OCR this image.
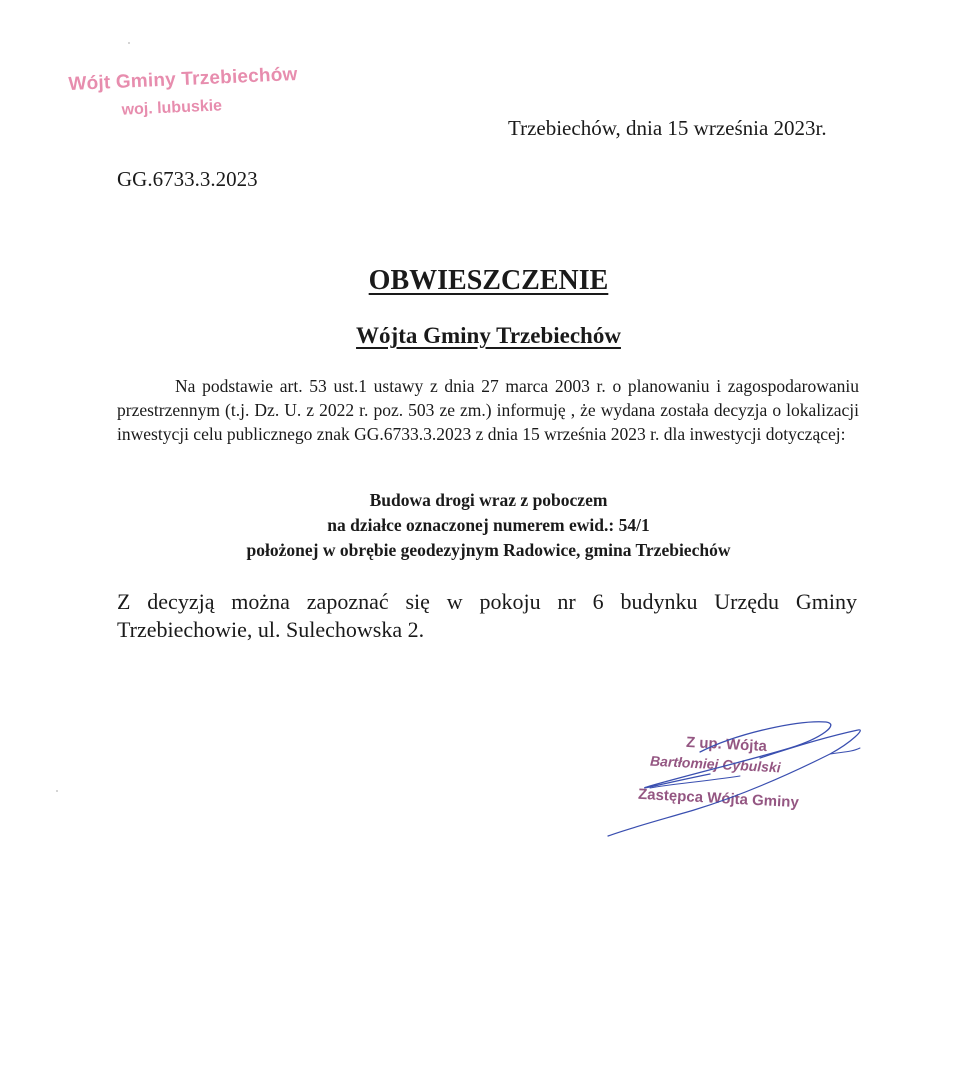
Wójt Gminy Trzebiechów
woj. lubuskie
Trzebiechów, dnia 15 września 2023r.
GG.6733.3.2023
OBWIESZCZENIE
Wójta Gminy Trzebiechów

Na podstawie art. 53 ust.1 ustawy z dnia 27 marca 2003 r. o planowaniu i zagospodarowaniu przestrzennym (t.j. Dz. U. z 2022 r. poz. 503 ze zm.) informuję , że wydana została decyzja o lokalizacji inwestycji celu publicznego znak GG.6733.3.2023 z dnia 15 września 2023 r. dla inwestycji dotyczącej:

Budowa drogi wraz z poboczem
na działce oznaczonej numerem ewid.: 54/1
położonej w obrębie geodezyjnym Radowice, gmina Trzebiechów

Z decyzją można zapoznać się w pokoju nr 6 budynku Urzędu Gminy Trzebiechowie, ul. Sulechowska 2.

Z up. Wójta
Bartłomiej Cybulski
Zastępca Wójta Gminy
